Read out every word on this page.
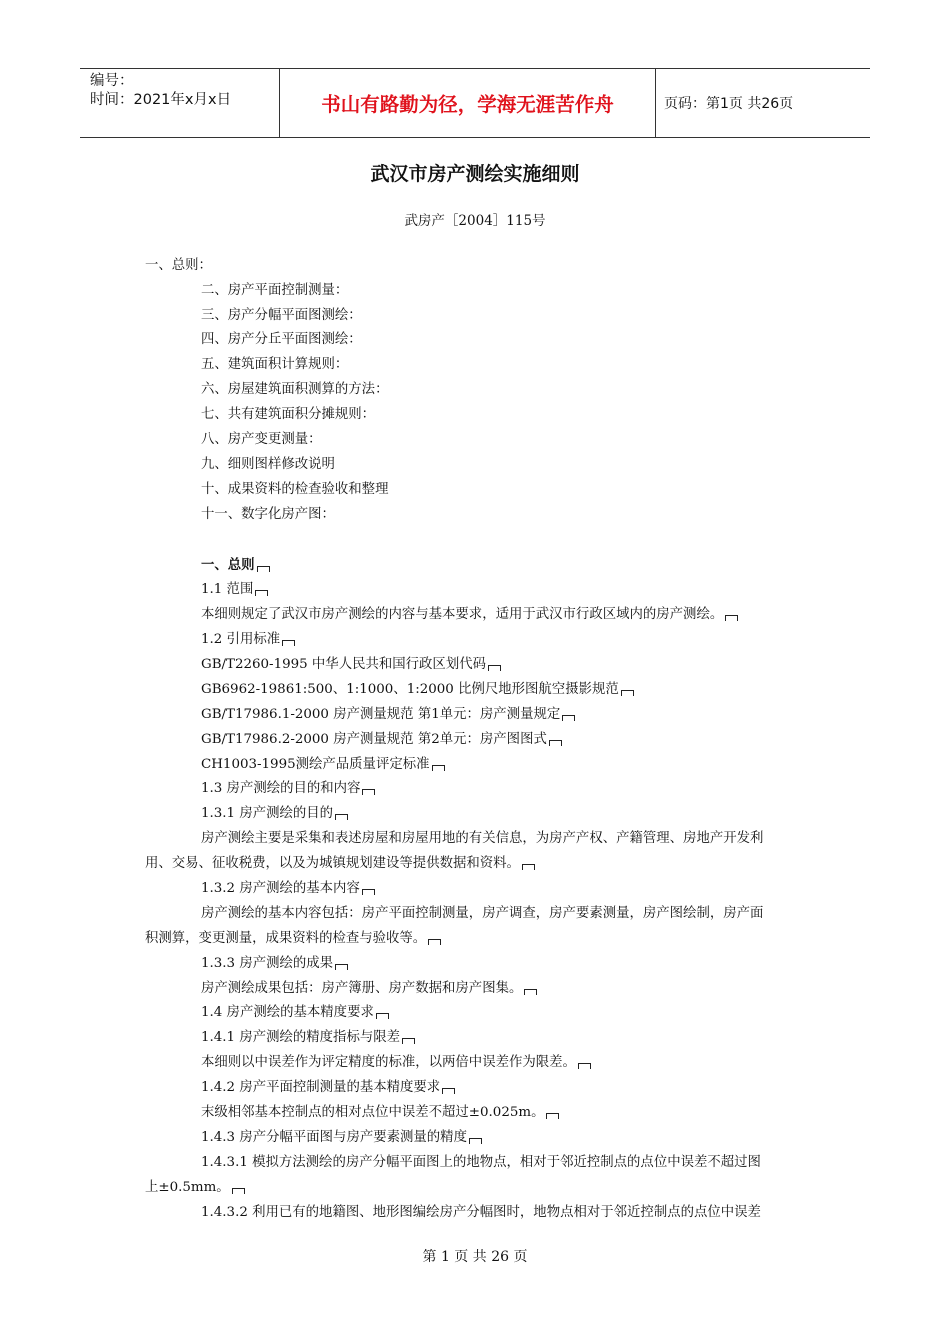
编号：
时间：2021年x月x日	书山有路勤为径，学海无涯苦作舟	页码：第1页 共26页
武汉市房产测绘实施细则
武房产［2004］115号
一、总则：
二、房产平面控制测量：
三、房产分幅平面图测绘：
四、房产分丘平面图测绘：
五、建筑面积计算规则：
六、房屋建筑面积测算的方法：
七、共有建筑面积分摊规则：
八、房产变更测量：
九、细则图样修改说明
十、成果资料的检查验收和整理
十一、数字化房产图：
一、总则
1.1 范围
本细则规定了武汉市房产测绘的内容与基本要求，适用于武汉市行政区域内的房产测绘。
1.2 引用标准
GB/T2260-1995 中华人民共和国行政区划代码
GB6962-19861:500、1:1000、1:2000 比例尺地形图航空摄影规范
GB/T17986.1-2000 房产测量规范 第1单元：房产测量规定
GB/T17986.2-2000 房产测量规范 第2单元：房产图图式
CH1003-1995测绘产品质量评定标准
1.3 房产测绘的目的和内容
1.3.1 房产测绘的目的
房产测绘主要是采集和表述房屋和房屋用地的有关信息，为房产产权、产籍管理、房地产开发利
用、交易、征收税费，以及为城镇规划建设等提供数据和资料。
1.3.2 房产测绘的基本内容
房产测绘的基本内容包括：房产平面控制测量，房产调查，房产要素测量，房产图绘制，房产面
积测算，变更测量，成果资料的检查与验收等。
1.3.3 房产测绘的成果
房产测绘成果包括：房产簿册、房产数据和房产图集。
1.4 房产测绘的基本精度要求
1.4.1 房产测绘的精度指标与限差
本细则以中误差作为评定精度的标准，以两倍中误差作为限差。
1.4.2 房产平面控制测量的基本精度要求
末级相邻基本控制点的相对点位中误差不超过±0.025m。
1.4.3 房产分幅平面图与房产要素测量的精度
1.4.3.1 模拟方法测绘的房产分幅平面图上的地物点，相对于邻近控制点的点位中误差不超过图
上±0.5mm。
1.4.3.2 利用已有的地籍图、地形图编绘房产分幅图时，地物点相对于邻近控制点的点位中误差
第 1 页 共 26 页
